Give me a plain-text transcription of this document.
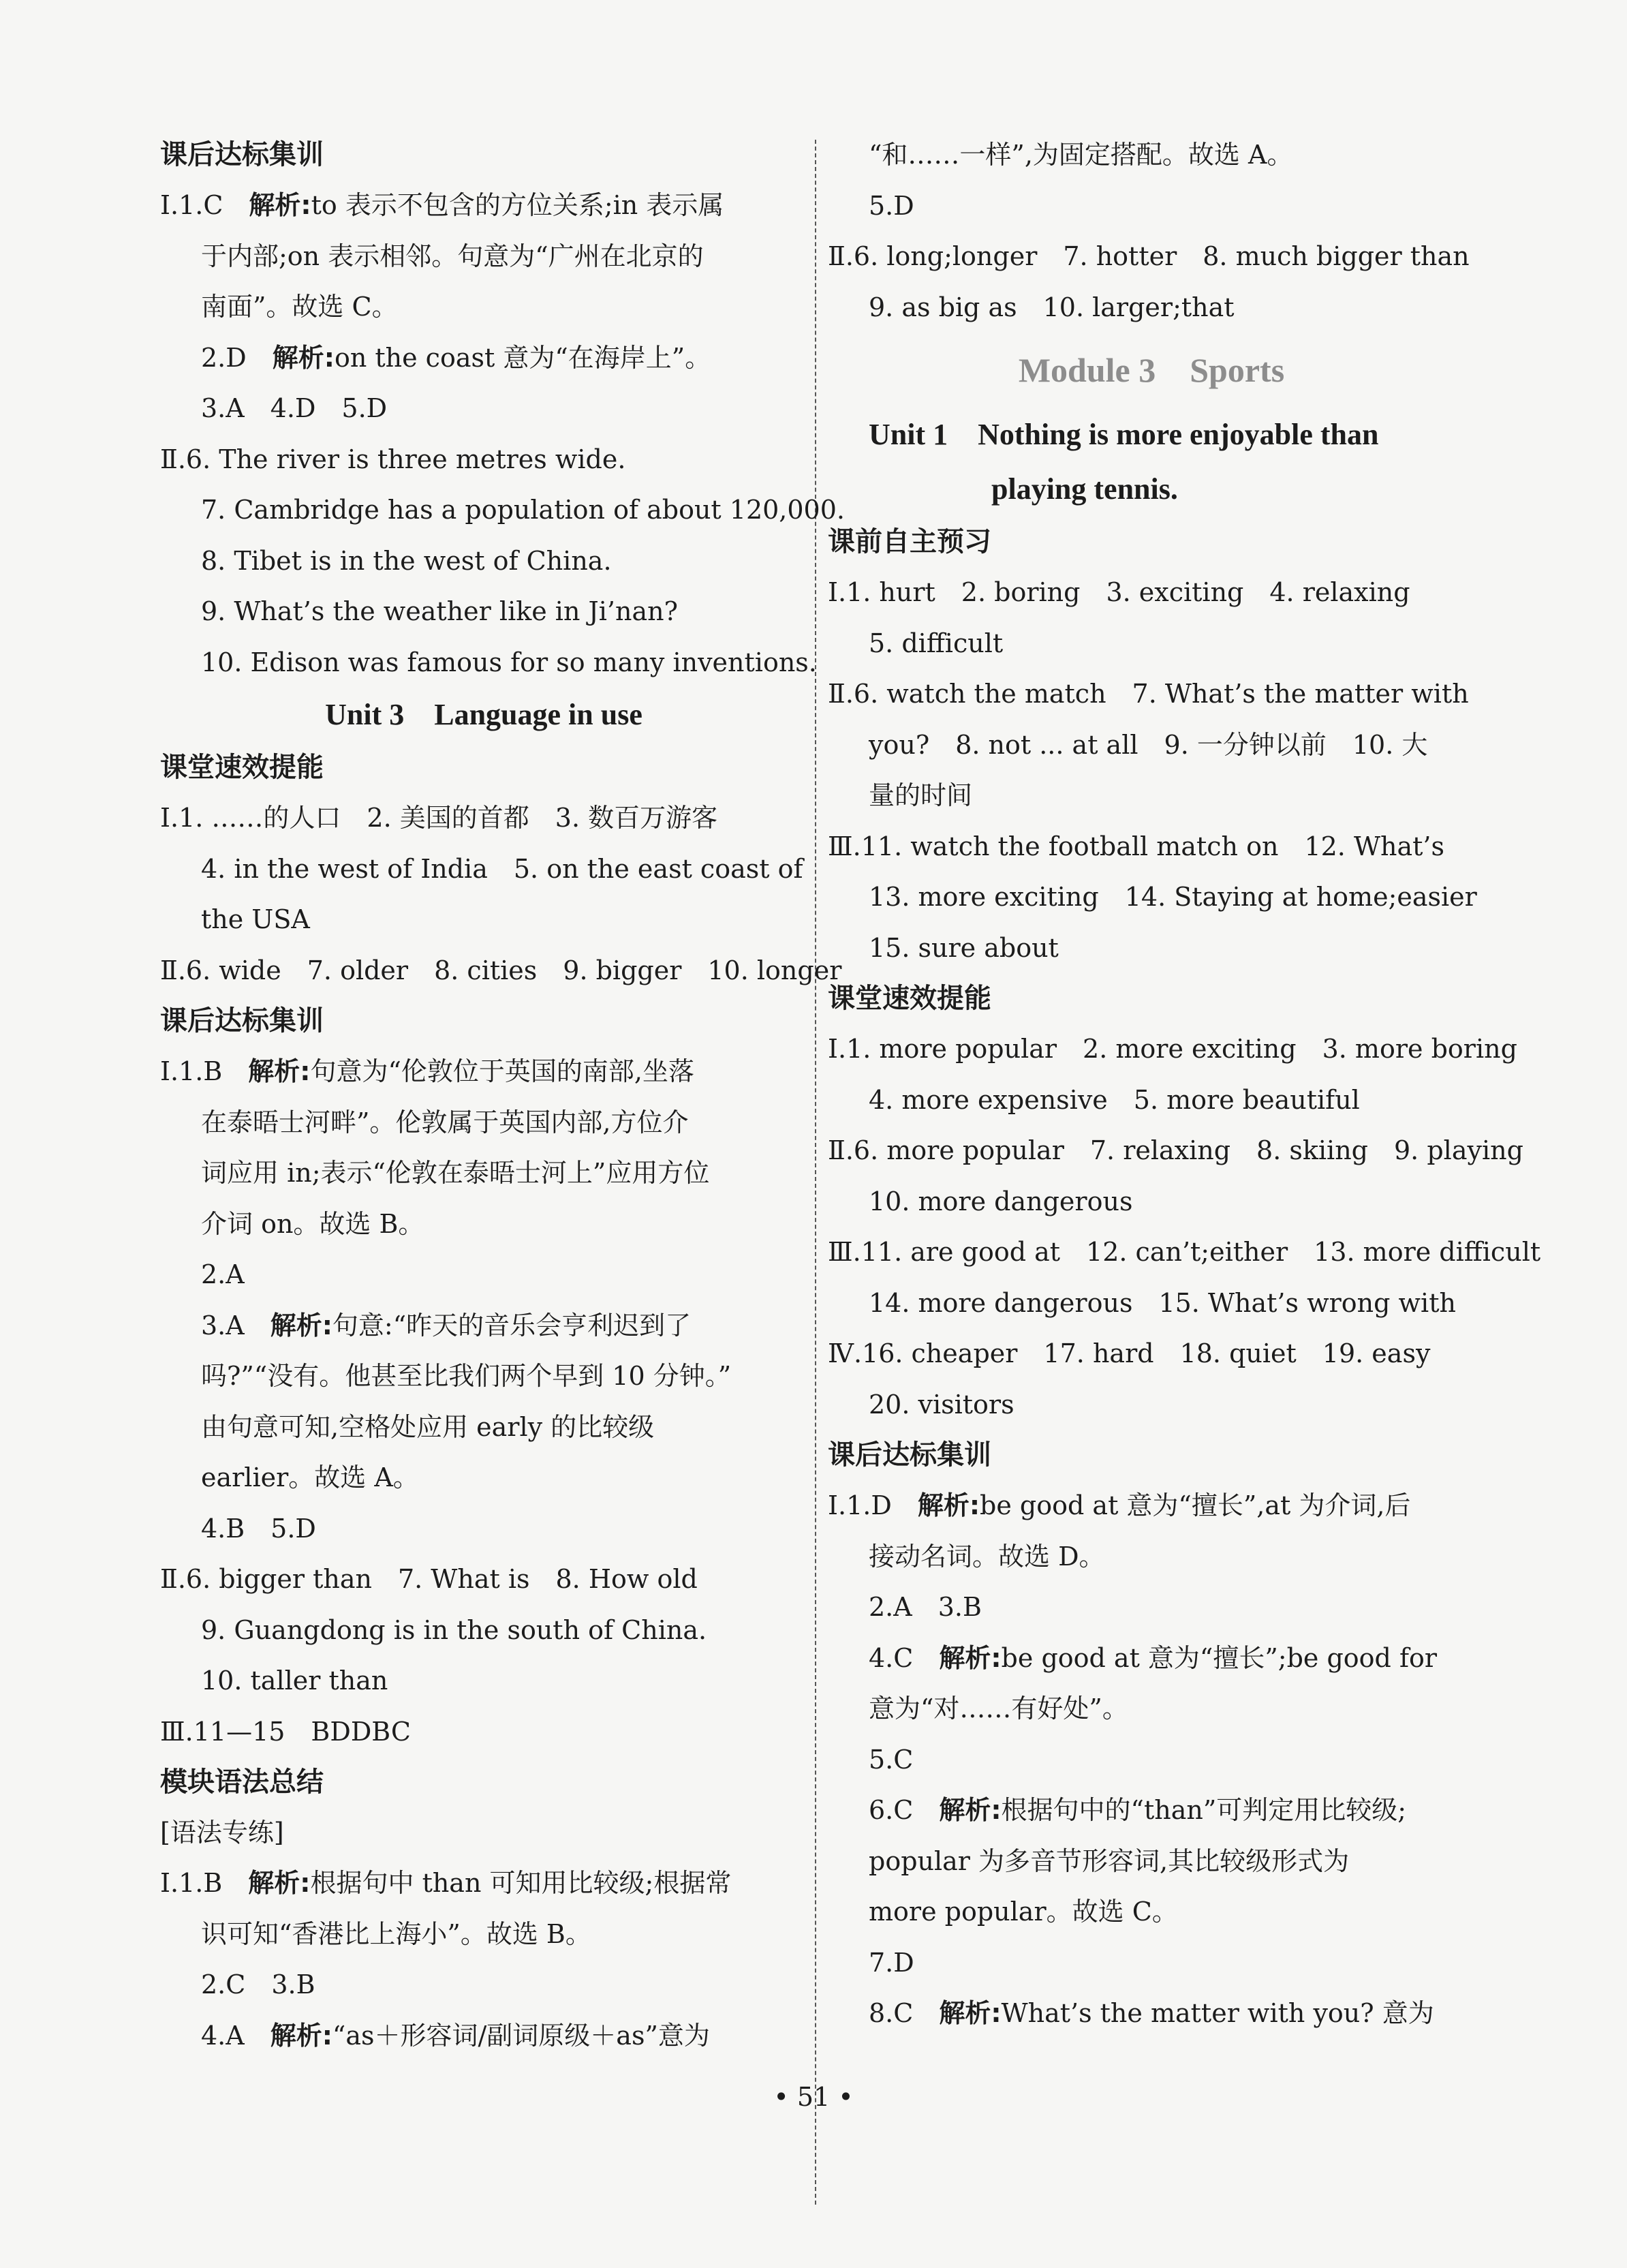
课后达标集训
Ⅰ.1.C　解析:to 表示不包含的方位关系;in 表示属
于内部;on 表示相邻。句意为“广州在北京的
南面”。故选 C。
2.D　解析:on the coast 意为“在海岸上”。
3.A　4.D　5.D
Ⅱ.6. The river is three metres wide.
7. Cambridge has a population of about 120,000.
8. Tibet is in the west of China.
9. What’s the weather like in Ji’nan?
10. Edison was famous for so many inventions.
Unit 3　Language in use
课堂速效提能
Ⅰ.1. ……的人口　2. 美国的首都　3. 数百万游客
4. in the west of India　5. on the east coast of
the USA
Ⅱ.6. wide　7. older　8. cities　9. bigger　10. longer
课后达标集训
Ⅰ.1.B　解析:句意为“伦敦位于英国的南部,坐落
在泰晤士河畔”。伦敦属于英国内部,方位介
词应用 in;表示“伦敦在泰晤士河上”应用方位
介词 on。故选 B。
2.A
3.A　解析:句意:“昨天的音乐会亨利迟到了
吗?”“没有。他甚至比我们两个早到 10 分钟。”
由句意可知,空格处应用 early 的比较级
earlier。故选 A。
4.B　5.D
Ⅱ.6. bigger than　7. What is　8. How old
9. Guangdong is in the south of China.
10. taller than
Ⅲ.11—15　BDDBC
模块语法总结
[语法专练]
Ⅰ.1.B　解析:根据句中 than 可知用比较级;根据常
识可知“香港比上海小”。故选 B。
2.C　3.B
4.A　解析:“as＋形容词/副词原级＋as”意为
“和……一样”,为固定搭配。故选 A。
5.D
Ⅱ.6. long;longer　7. hotter　8. much bigger than
9. as big as　10. larger;that
Module 3　Sports
Unit 1　Nothing is more enjoyable than
playing tennis.
课前自主预习
Ⅰ.1. hurt　2. boring　3. exciting　4. relaxing
5. difficult
Ⅱ.6. watch the match　7. What’s the matter with
you?　8. not ... at all　9. 一分钟以前　10. 大
量的时间
Ⅲ.11. watch the football match on　12. What’s
13. more exciting　14. Staying at home;easier
15. sure about
课堂速效提能
Ⅰ.1. more popular　2. more exciting　3. more boring
4. more expensive　5. more beautiful
Ⅱ.6. more popular　7. relaxing　8. skiing　9. playing
10. more dangerous
Ⅲ.11. are good at　12. can’t;either　13. more difficult
14. more dangerous　15. What’s wrong with
Ⅳ.16. cheaper　17. hard　18. quiet　19. easy
20. visitors
课后达标集训
Ⅰ.1.D　解析:be good at 意为“擅长”,at 为介词,后
接动名词。故选 D。
2.A　3.B
4.C　解析:be good at 意为“擅长”;be good for
意为“对……有好处”。
5.C
6.C　解析:根据句中的“than”可判定用比较级;
popular 为多音节形容词,其比较级形式为
more popular。故选 C。
7.D
8.C　解析:What’s the matter with you? 意为
• 51 •
